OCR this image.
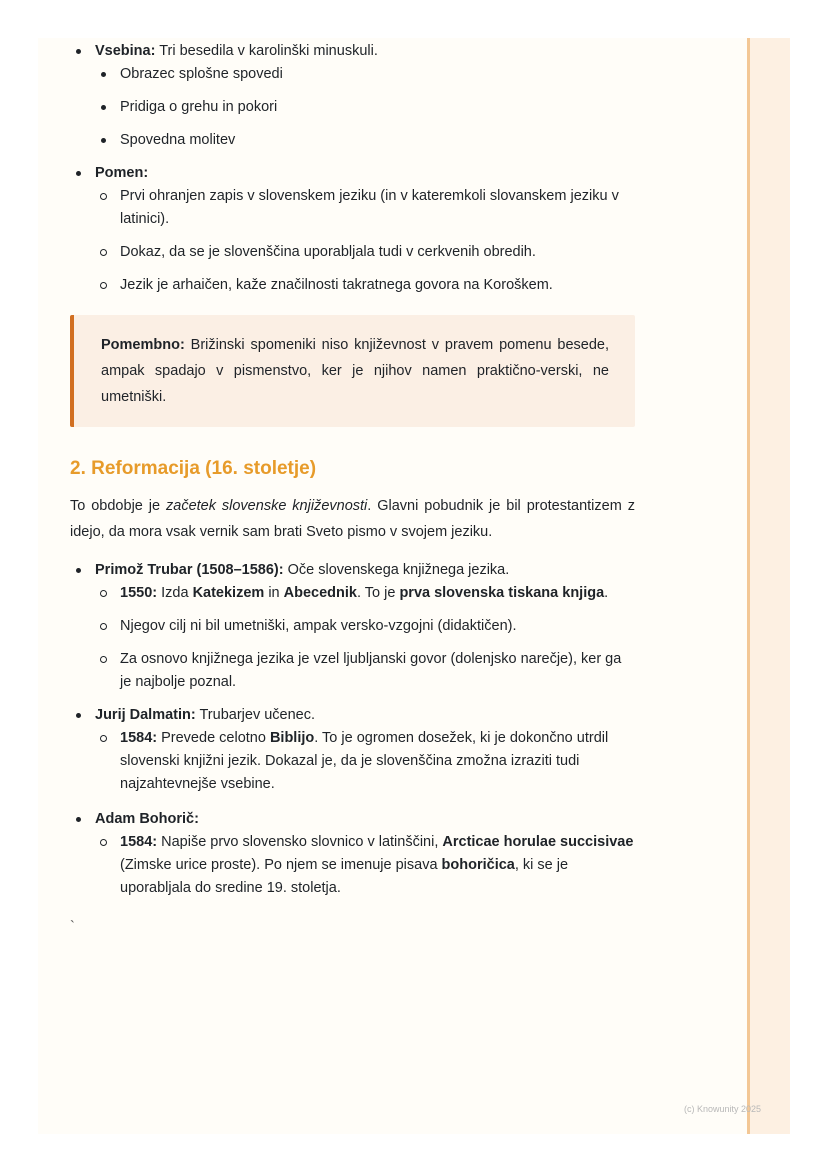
Vsebina: Tri besedila v karolinški minuskuli.
Obrazec splošne spovedi
Pridiga o grehu in pokori
Spovedna molitev
Pomen:
Prvi ohranjen zapis v slovenskem jeziku (in v kateremkoli slovanskem jeziku v latinici).
Dokaz, da se je slovenščina uporabljala tudi v cerkvenih obredih.
Jezik je arhaičen, kaže značilnosti takratnega govora na Koroškem.
Pomembno: Brižinski spomeniki niso književnost v pravem pomenu besede, ampak spadajo v pismenstvo, ker je njihov namen praktično-verski, ne umetniški.
2. Reformacija (16. stoletje)
To obdobje je začetek slovenske književnosti. Glavni pobudnik je bil protestantizem z idejo, da mora vsak vernik sam brati Sveto pismo v svojem jeziku.
Primož Trubar (1508–1586): Oče slovenskega knjižnega jezika.
1550: Izda Katekizem in Abecednik. To je prva slovenska tiskana knjiga.
Njegov cilj ni bil umetniški, ampak versko-vzgojni (didaktičen).
Za osnovo knjižnega jezika je vzel ljubljanski govor (dolenjsko narečje), ker ga je najbolje poznal.
Jurij Dalmatin: Trubarjev učenec.
1584: Prevede celotno Biblijo. To je ogromen dosežek, ki je dokončno utrdil slovenski knjižni jezik. Dokazal je, da je slovenščina zmožna izraziti tudi najzahtevnejše vsebine.
Adam Bohorič:
1584: Napiše prvo slovensko slovnico v latinščini, Arcticae horulae succisivae (Zimske urice proste). Po njem se imenuje pisava bohoričica, ki se je uporabljala do sredine 19. stoletja.
`
(c) Knowunity 2025
